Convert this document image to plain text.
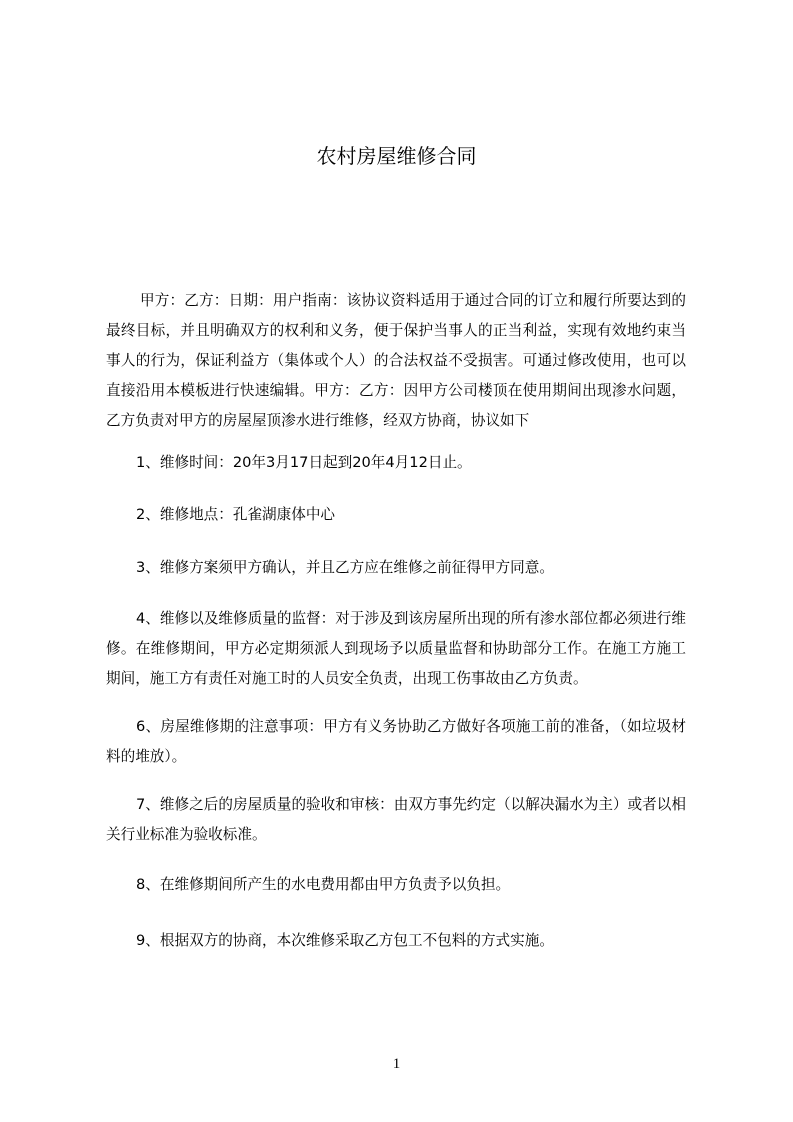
农村房屋维修合同

甲方：乙方：日期：用户指南：该协议资料适用于通过合同的订立和履行所要达到的最终目标，并且明确双方的权利和义务，便于保护当事人的正当利益，实现有效地约束当事人的行为，保证利益方（集体或个人）的合法权益不受损害。可通过修改使用，也可以直接沿用本模板进行快速编辑。甲方：乙方：因甲方公司楼顶在使用期间出现渗水问题，乙方负责对甲方的房屋屋顶渗水进行维修，经双方协商，协议如下

1、维修时间：20年3月17日起到20年4月12日止。

2、维修地点：孔雀湖康体中心

3、维修方案须甲方确认，并且乙方应在维修之前征得甲方同意。

4、维修以及维修质量的监督：对于涉及到该房屋所出现的所有渗水部位都必须进行维修。在维修期间，甲方必定期须派人到现场予以质量监督和协助部分工作。在施工方施工期间，施工方有责任对施工时的人员安全负责，出现工伤事故由乙方负责。

6、房屋维修期的注意事项：甲方有义务协助乙方做好各项施工前的准备，（如垃圾材料的堆放）。

7、维修之后的房屋质量的验收和审核：由双方事先约定（以解决漏水为主）或者以相关行业标准为验收标准。

8、在维修期间所产生的水电费用都由甲方负责予以负担。

9、根据双方的协商，本次维修采取乙方包工不包料的方式实施。

1
